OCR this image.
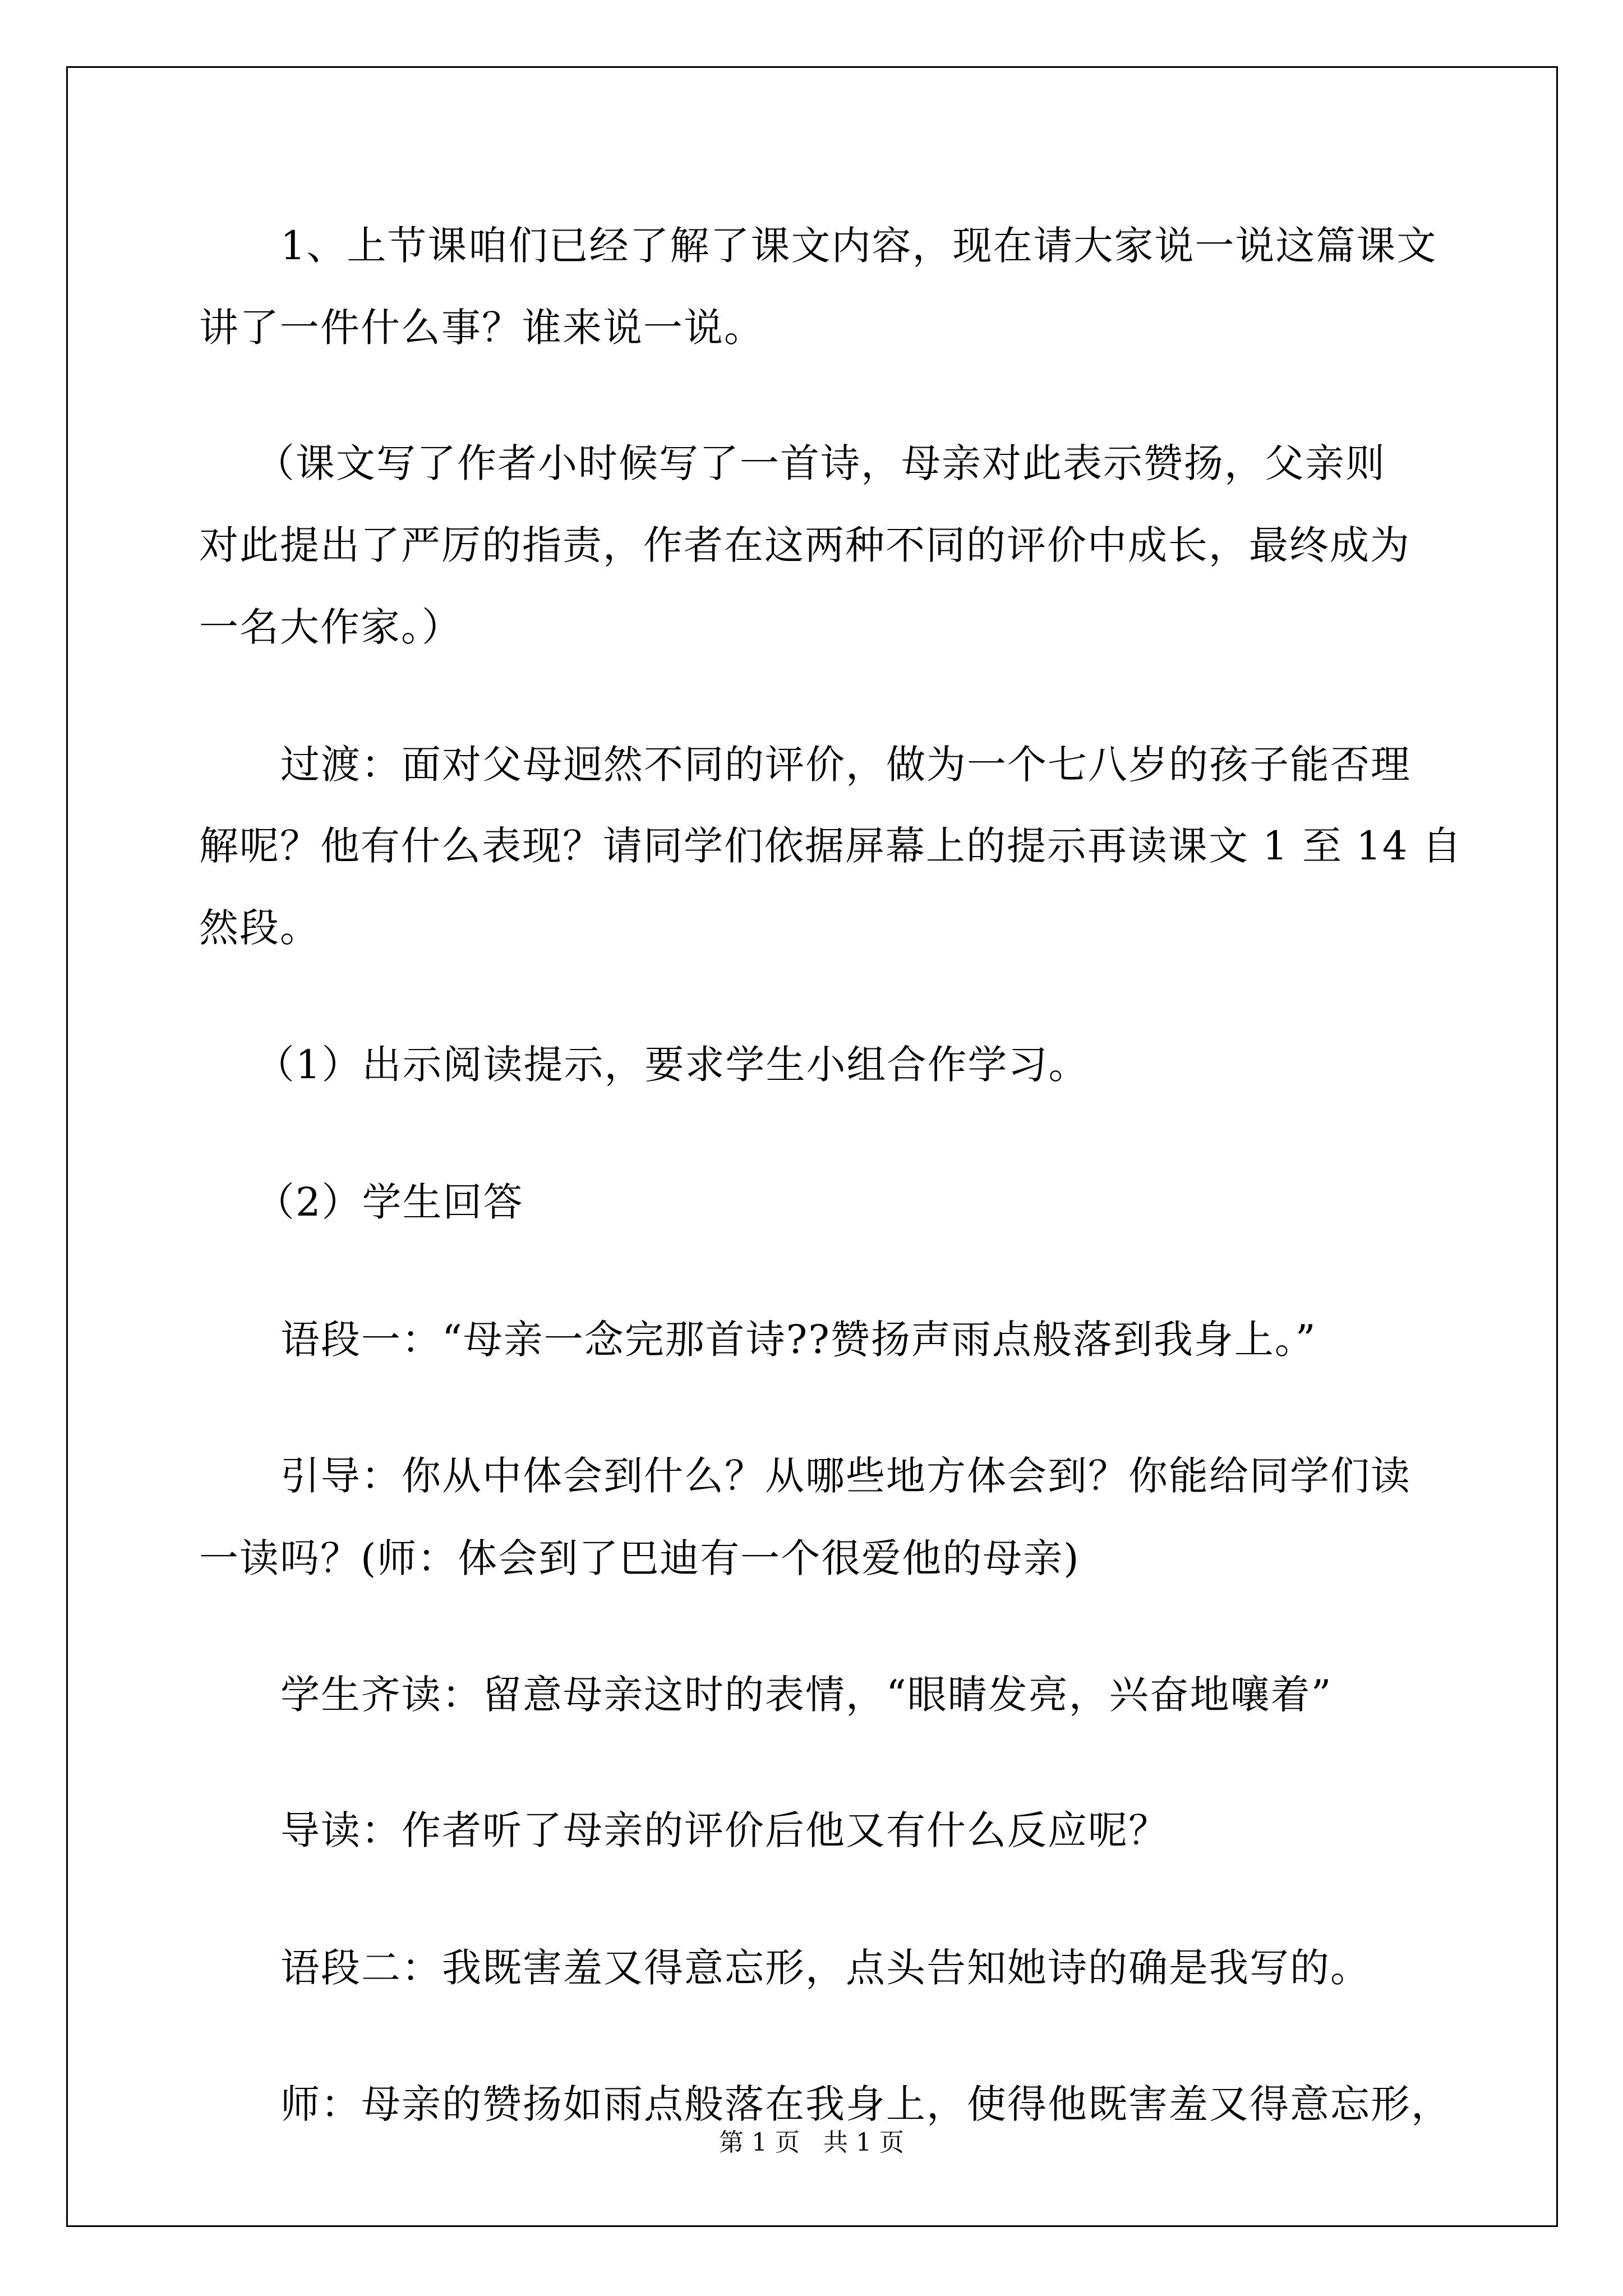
1、上节课咱们已经了解了课文内容，现在请大家说一说这篇课文
讲了一件什么事？谁来说一说。
（课文写了作者小时候写了一首诗，母亲对此表示赞扬，父亲则
对此提出了严厉的指责，作者在这两种不同的评价中成长，最终成为
一名大作家。）
过渡：面对父母迥然不同的评价，做为一个七八岁的孩子能否理
解呢？他有什么表现？请同学们依据屏幕上的提示再读课文 1 至 14 自
然段。
（1）出示阅读提示，要求学生小组合作学习。
（2）学生回答
语段一：“母亲一念完那首诗??赞扬声雨点般落到我身上。”
引导：你从中体会到什么？从哪些地方体会到？你能给同学们读
一读吗？(师：体会到了巴迪有一个很爱他的母亲)
学生齐读：留意母亲这时的表情，“眼睛发亮，兴奋地嚷着”
导读：作者听了母亲的评价后他又有什么反应呢？
语段二：我既害羞又得意忘形，点头告知她诗的确是我写的。
师：母亲的赞扬如雨点般落在我身上，使得他既害羞又得意忘形，
第 1 页   共 1 页
